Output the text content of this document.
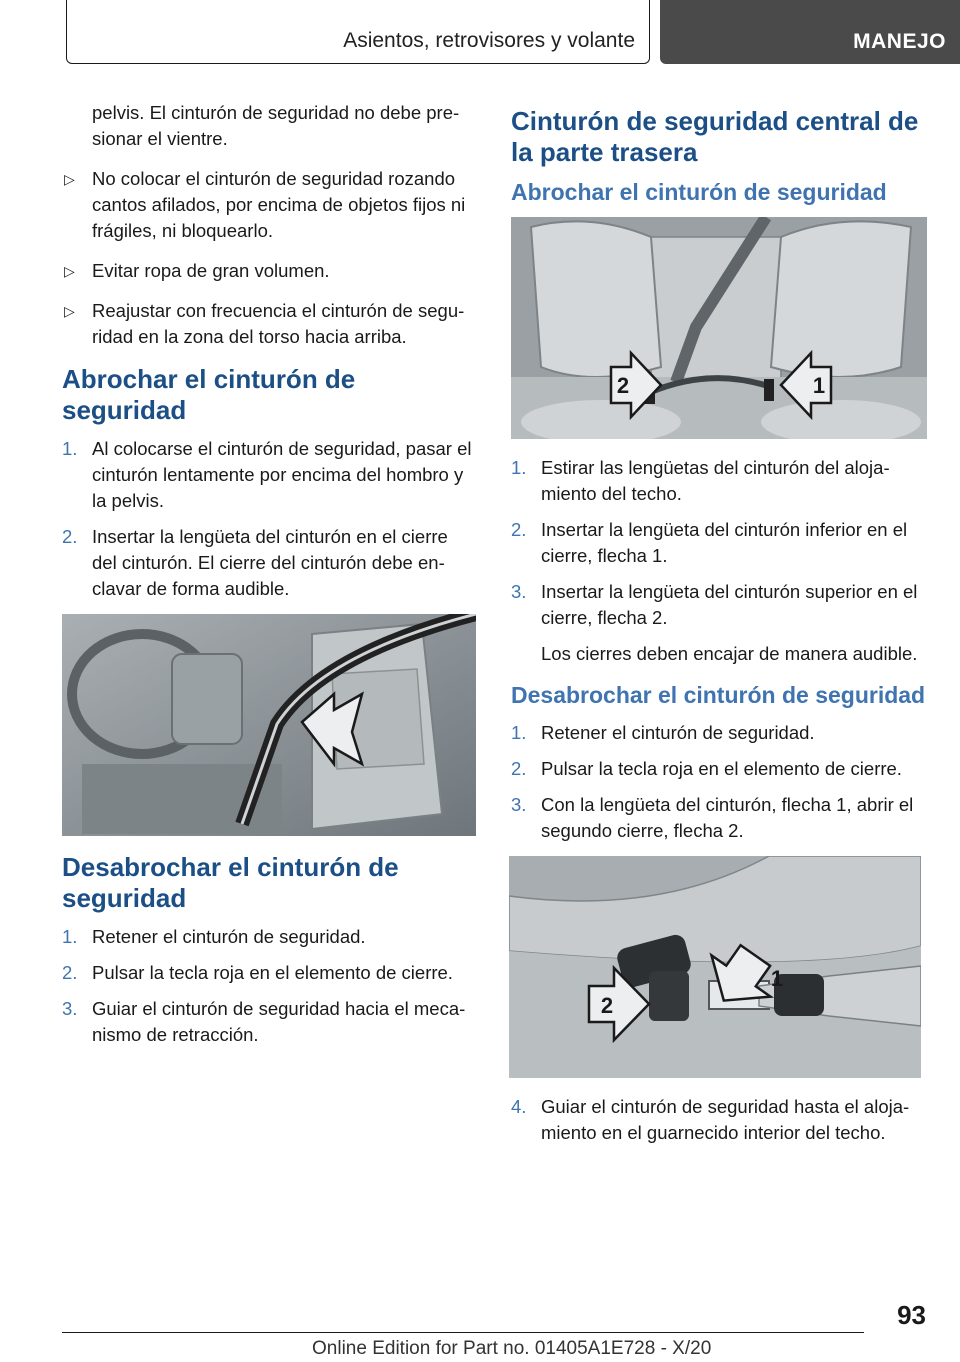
Asientos, retrovisores y volante	MANEJO

pelvis. El cinturón de seguridad no debe presionar el vientre.

▷ No colocar el cinturón de seguridad rozando cantos afilados, por encima de objetos fijos ni frágiles, ni bloquearlo.
▷ Evitar ropa de gran volumen.
▷ Reajustar con frecuencia el cinturón de seguridad en la zona del torso hacia arriba.
Abrochar el cinturón de seguridad
1. Al colocarse el cinturón de seguridad, pasar el cinturón lentamente por encima del hombro y la pelvis.
2. Insertar la lengüeta del cinturón en el cierre del cinturón. El cierre del cinturón debe enclavar de forma audible.
Desabrochar el cinturón de seguridad
1. Retener el cinturón de seguridad.
2. Pulsar la tecla roja en el elemento de cierre.
3. Guiar el cinturón de seguridad hacia el mecanismo de retracción.
Cinturón de seguridad central de la parte trasera
Abrochar el cinturón de seguridad
2	1
1. Estirar las lengüetas del cinturón del alojamiento del techo.
2. Insertar la lengüeta del cinturón inferior en el cierre, flecha 1.
3. Insertar la lengüeta del cinturón superior en el cierre, flecha 2.

Los cierres deben encajar de manera audible.

Desabrochar el cinturón de seguridad
1. Retener el cinturón de seguridad.
2. Pulsar la tecla roja en el elemento de cierre.
3. Con la lengüeta del cinturón, flecha 1, abrir el segundo cierre, flecha 2.
2
1
4. Guiar el cinturón de seguridad hasta el alojamiento en el guarnecido interior del techo.
93
Online Edition for Part no. 01405A1E728 - X/20
